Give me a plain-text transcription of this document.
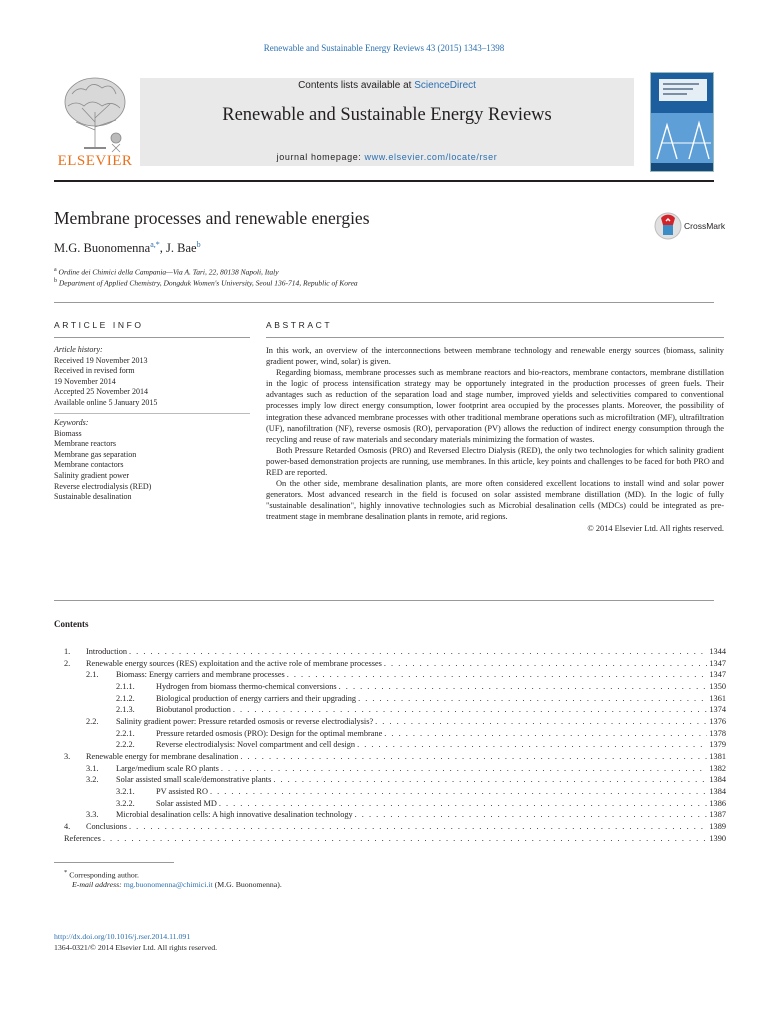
Renewable and Sustainable Energy Reviews 43 (2015) 1343–1398
ELSEVIER
Contents lists available at ScienceDirect
Renewable and Sustainable Energy Reviews
journal homepage: www.elsevier.com/locate/rser
Membrane processes and renewable energies	CrossMark
M.G. Buonomenna$^{a,*}$, J. Bae$^b$
$^a$ Ordine dei Chimici della Campania—Via A. Tari, 22, 80138 Napoli, Italy
$^b$ Department of Applied Chemistry, Dongduk Women's University, Seoul 136-714, Republic of Korea
ARTICLE INFO	ABSTRACT
Article history:
Received 19 November 2013
Received in revised form
19 November 2014
Accepted 25 November 2014
Available online 5 January 2015
Keywords:
Biomass
Membrane reactors
Membrane gas separation
Membrane contactors
Salinity gradient power
Reverse electrodialysis (RED)
Sustainable desalination

In this work, an overview of the interconnections between membrane technology and renewable energy sources (biomass, salinity gradient power, wind, solar) is given.

Regarding biomass, membrane processes such as membrane reactors and bio-reactors, membrane contactors, membrane distillation in the logic of process intensification strategy may be opportunely integrated in the production processes of green fuels. Their advantages such as reduction of the separation load and stage number, improved yields and selectivities compared to conventional processes imply low direct energy consumption, lower footprint area occupied by the processes plants. Moreover, the possibility of integration these advanced membrane processes with other traditional membrane operations such as microfiltration (MF), ultrafiltration (UF), nanofiltration (NF), reverse osmosis (RO), pervaporation (PV) allows the reduction of indirect energy consumption through the recycling and reuse of raw materials and secondary materials minimizing the formation of wastes.

Both Pressure Retarded Osmosis (PRO) and Reversed Electro Dialysis (RED), the only two technologies for which salinity gradient power-based demonstration projects are running, use membranes. In this article, key points and challenges to be faced for both PRO and RED are reported.

On the other side, membrane desalination plants, are more often considered excellent locations to install wind and solar power generators. Most advanced research in the field is focused on solar assisted membrane distillation (MD). In the logic of fully "sustainable desalination", highly innovative technologies such as Microbial desalination cells (MDCs) could be integrated as pre-treatment stage in membrane desalination plants in remote, arid regions.

© 2014 Elsevier Ltd. All rights reserved.

Contents
1.	Introduction . . .	1344
2.	Renewable energy sources (RES) exploitation and the active role of membrane processes . . .	1347
2.1.	Biomass: Energy carriers and membrane processes . . .	1347
2.1.1.	Hydrogen from biomass thermo-chemical conversions . . .	1350
2.1.2.	Biological production of energy carriers and their upgrading . . .	1361
2.1.3.	Biobutanol production . . .	1374
2.2.	Salinity gradient power: Pressure retarded osmosis or reverse electrodialysis? . . .	1376
2.2.1.	Pressure retarded osmosis (PRO): Design for the optimal membrane . . .	1378
2.2.2.	Reverse electrodialysis: Novel compartment and cell design . . .	1379
3.	Renewable energy for membrane desalination . . .	1381
3.1.	Large/medium scale RO plants . . .	1382
3.2.	Solar assisted small scale/demonstrative plants . . .	1384
3.2.1.	PV assisted RO . . .	1384
3.2.2.	Solar assisted MD . . .	1386
3.3.	Microbial desalination cells: A high innovative desalination technology . . .	1387
4.	Conclusions . . .	1389
References . . .	1390
* Corresponding author.
E-mail address: mg.buonomenna@chimici.it (M.G. Buonomenna).
http://dx.doi.org/10.1016/j.rser.2014.11.091
1364-0321/© 2014 Elsevier Ltd. All rights reserved.
